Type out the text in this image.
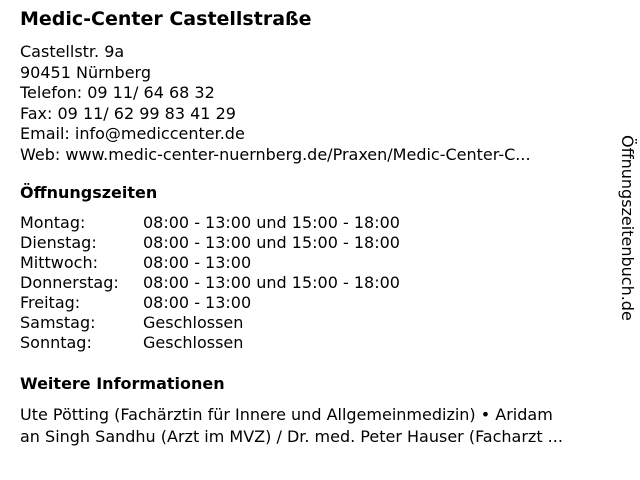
Medic-Center Castellstraße
Castellstr. 9a
90451 Nürnberg
Telefon: 09 11/ 64 68 32
Fax: 09 11/ 62 99 83 41 29
Email: info@mediccenter.de
Web: www.medic-center-nuernberg.de/Praxen/Medic-Center-C...
Öffnungszeiten
Montag:	08:00 - 13:00 und 15:00 - 18:00
Dienstag:	08:00 - 13:00 und 15:00 - 18:00
Mittwoch:	08:00 - 13:00
Donnerstag:	08:00 - 13:00 und 15:00 - 18:00
Freitag:	08:00 - 13:00
Samstag:	Geschlossen
Sonntag:	Geschlossen
Weitere Informationen
Ute Pötting (Fachärztin für Innere und Allgemeinmedizin) • Aridam
an Singh Sandhu (Arzt im MVZ) / Dr. med. Peter Hauser (Facharzt ...
Öffnungszeitenbuch.de
